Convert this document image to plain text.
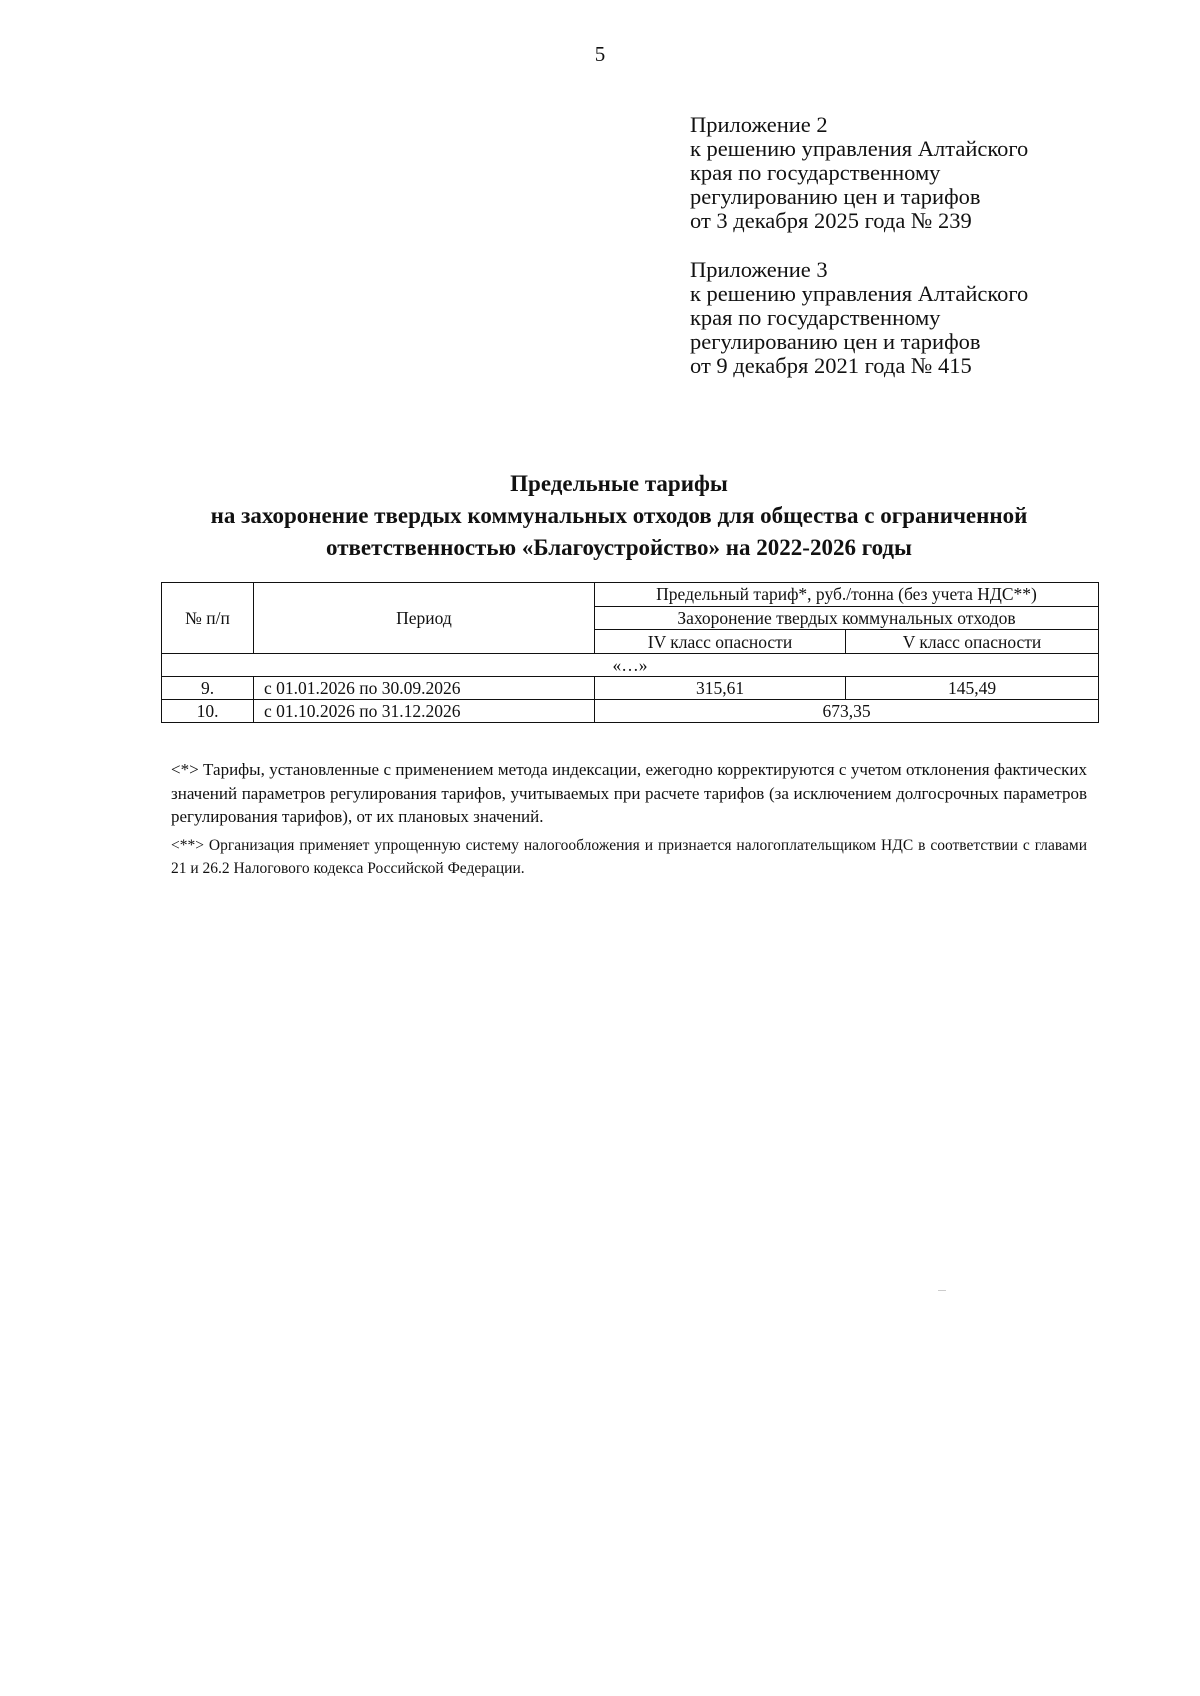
5
Приложение 2
к решению управления Алтайского
края по государственному
регулированию цен и тарифов
от 3 декабря 2025 года № 239
Приложение 3
к решению управления Алтайского
края по государственному
регулированию цен и тарифов
от 9 декабря 2021 года № 415
Предельные тарифы
на захоронение твердых коммунальных отходов для общества с ограниченной
ответственностью «Благоустройство» на 2022-2026 годы
№ п/п	Период	Предельный тариф*, руб./тонна (без учета НДС**)	
		Захоронение твердых коммунальных отходов	
		IV класс опасности	V класс опасности
«…»			
9.	с 01.01.2026 по 30.09.2026	315,61	145,49
10.	с 01.10.2026 по 31.12.2026	673,35	

<*> Тарифы, установленные с применением метода индексации, ежегодно корректируются с учетом отклонения фактических значений параметров регулирования тарифов, учитываемых при расчете тарифов (за исключением долгосрочных параметров регулирования тарифов), от их плановых значений.

<**> Организация применяет упрощенную систему налогообложения и признается налогоплательщиком НДС в соответствии с главами 21 и 26.2 Налогового кодекса Российской Федерации.
